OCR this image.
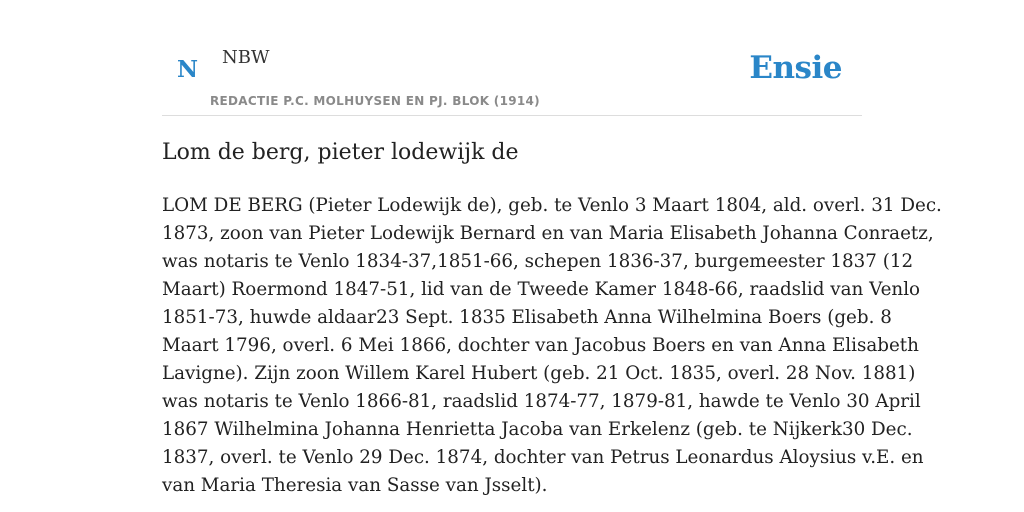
N NBW
REDACTIE P.C. MOLHUYSEN EN PJ. BLOK (1914)
Ensie
Lom de berg, pieter lodewijk de
LOM DE BERG (Pieter Lodewijk de), geb. te Venlo 3 Maart 1804, ald. overl. 31 Dec.
1873, zoon van Pieter Lodewijk Bernard en van Maria Elisabeth Johanna Conraetz,
was notaris te Venlo 1834-37,1851-66, schepen 1836-37, burgemeester 1837 (12
Maart) Roermond 1847-51, lid van de Tweede Kamer 1848-66, raadslid van Venlo
1851-73, huwde aldaar23 Sept. 1835 Elisabeth Anna Wilhelmina Boers (geb. 8
Maart 1796, overl. 6 Mei 1866, dochter van Jacobus Boers en van Anna Elisabeth
Lavigne). Zijn zoon Willem Karel Hubert (geb. 21 Oct. 1835, overl. 28 Nov. 1881)
was notaris te Venlo 1866-81, raadslid 1874-77, 1879-81, hawde te Venlo 30 April
1867 Wilhelmina Johanna Henrietta Jacoba van Erkelenz (geb. te Nijkerk30 Dec.
1837, overl. te Venlo 29 Dec. 1874, dochter van Petrus Leonardus Aloysius v.E. en
van Maria Theresia van Sasse van Jsselt).
